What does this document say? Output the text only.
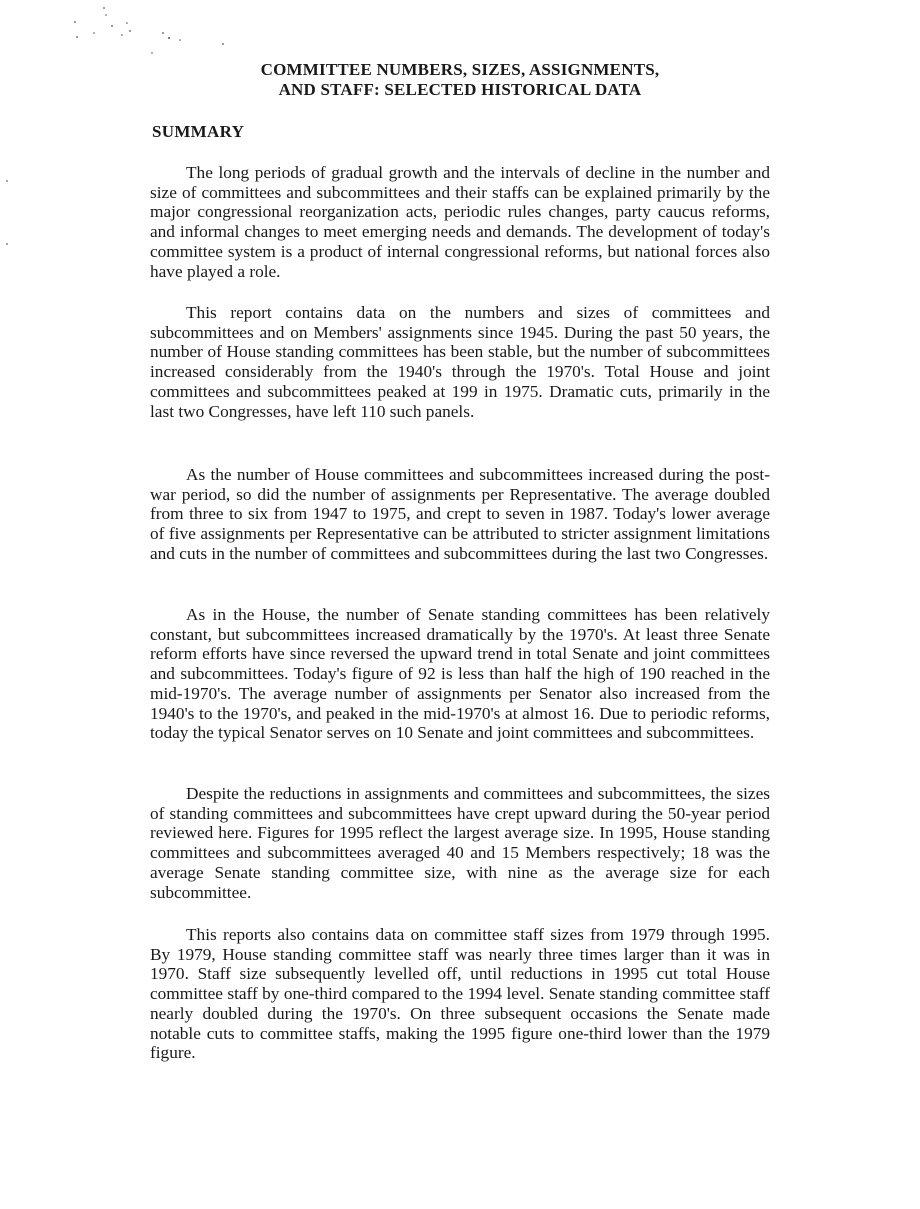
COMMITTEE NUMBERS, SIZES, ASSIGNMENTS,
AND STAFF: SELECTED HISTORICAL DATA
SUMMARY

The long periods of gradual growth and the intervals of decline in the number and size of committees and subcommittees and their staffs can be explained primarily by the major congressional reorganization acts, periodic rules changes, party caucus reforms, and informal changes to meet emerging needs and demands. The development of today's committee system is a product of internal congressional reforms, but national forces also have played a role.

This report contains data on the numbers and sizes of committees and subcommittees and on Members' assignments since 1945. During the past 50 years, the number of House standing committees has been stable, but the number of subcommittees increased considerably from the 1940's through the 1970's. Total House and joint committees and subcommittees peaked at 199 in 1975. Dramatic cuts, primarily in the last two Congresses, have left 110 such panels.

As the number of House committees and subcommittees increased during the post-war period, so did the number of assignments per Representative. The average doubled from three to six from 1947 to 1975, and crept to seven in 1987. Today's lower average of five assignments per Representative can be attributed to stricter assignment limitations and cuts in the number of committees and subcommittees during the last two Congresses.

As in the House, the number of Senate standing committees has been relatively constant, but subcommittees increased dramatically by the 1970's. At least three Senate reform efforts have since reversed the upward trend in total Senate and joint committees and subcommittees. Today's figure of 92 is less than half the high of 190 reached in the mid-1970's. The average number of assignments per Senator also increased from the 1940's to the 1970's, and peaked in the mid-1970's at almost 16. Due to periodic reforms, today the typical Senator serves on 10 Senate and joint committees and subcommittees.

Despite the reductions in assignments and committees and subcommittees, the sizes of standing committees and subcommittees have crept upward during the 50-year period reviewed here. Figures for 1995 reflect the largest average size. In 1995, House standing committees and subcommittees averaged 40 and 15 Members respectively; 18 was the average Senate standing committee size, with nine as the average size for each subcommittee.

This reports also contains data on committee staff sizes from 1979 through 1995. By 1979, House standing committee staff was nearly three times larger than it was in 1970. Staff size subsequently levelled off, until reductions in 1995 cut total House committee staff by one-third compared to the 1994 level. Senate standing committee staff nearly doubled during the 1970's. On three subsequent occasions the Senate made notable cuts to committee staffs, making the 1995 figure one-third lower than the 1979 figure.
